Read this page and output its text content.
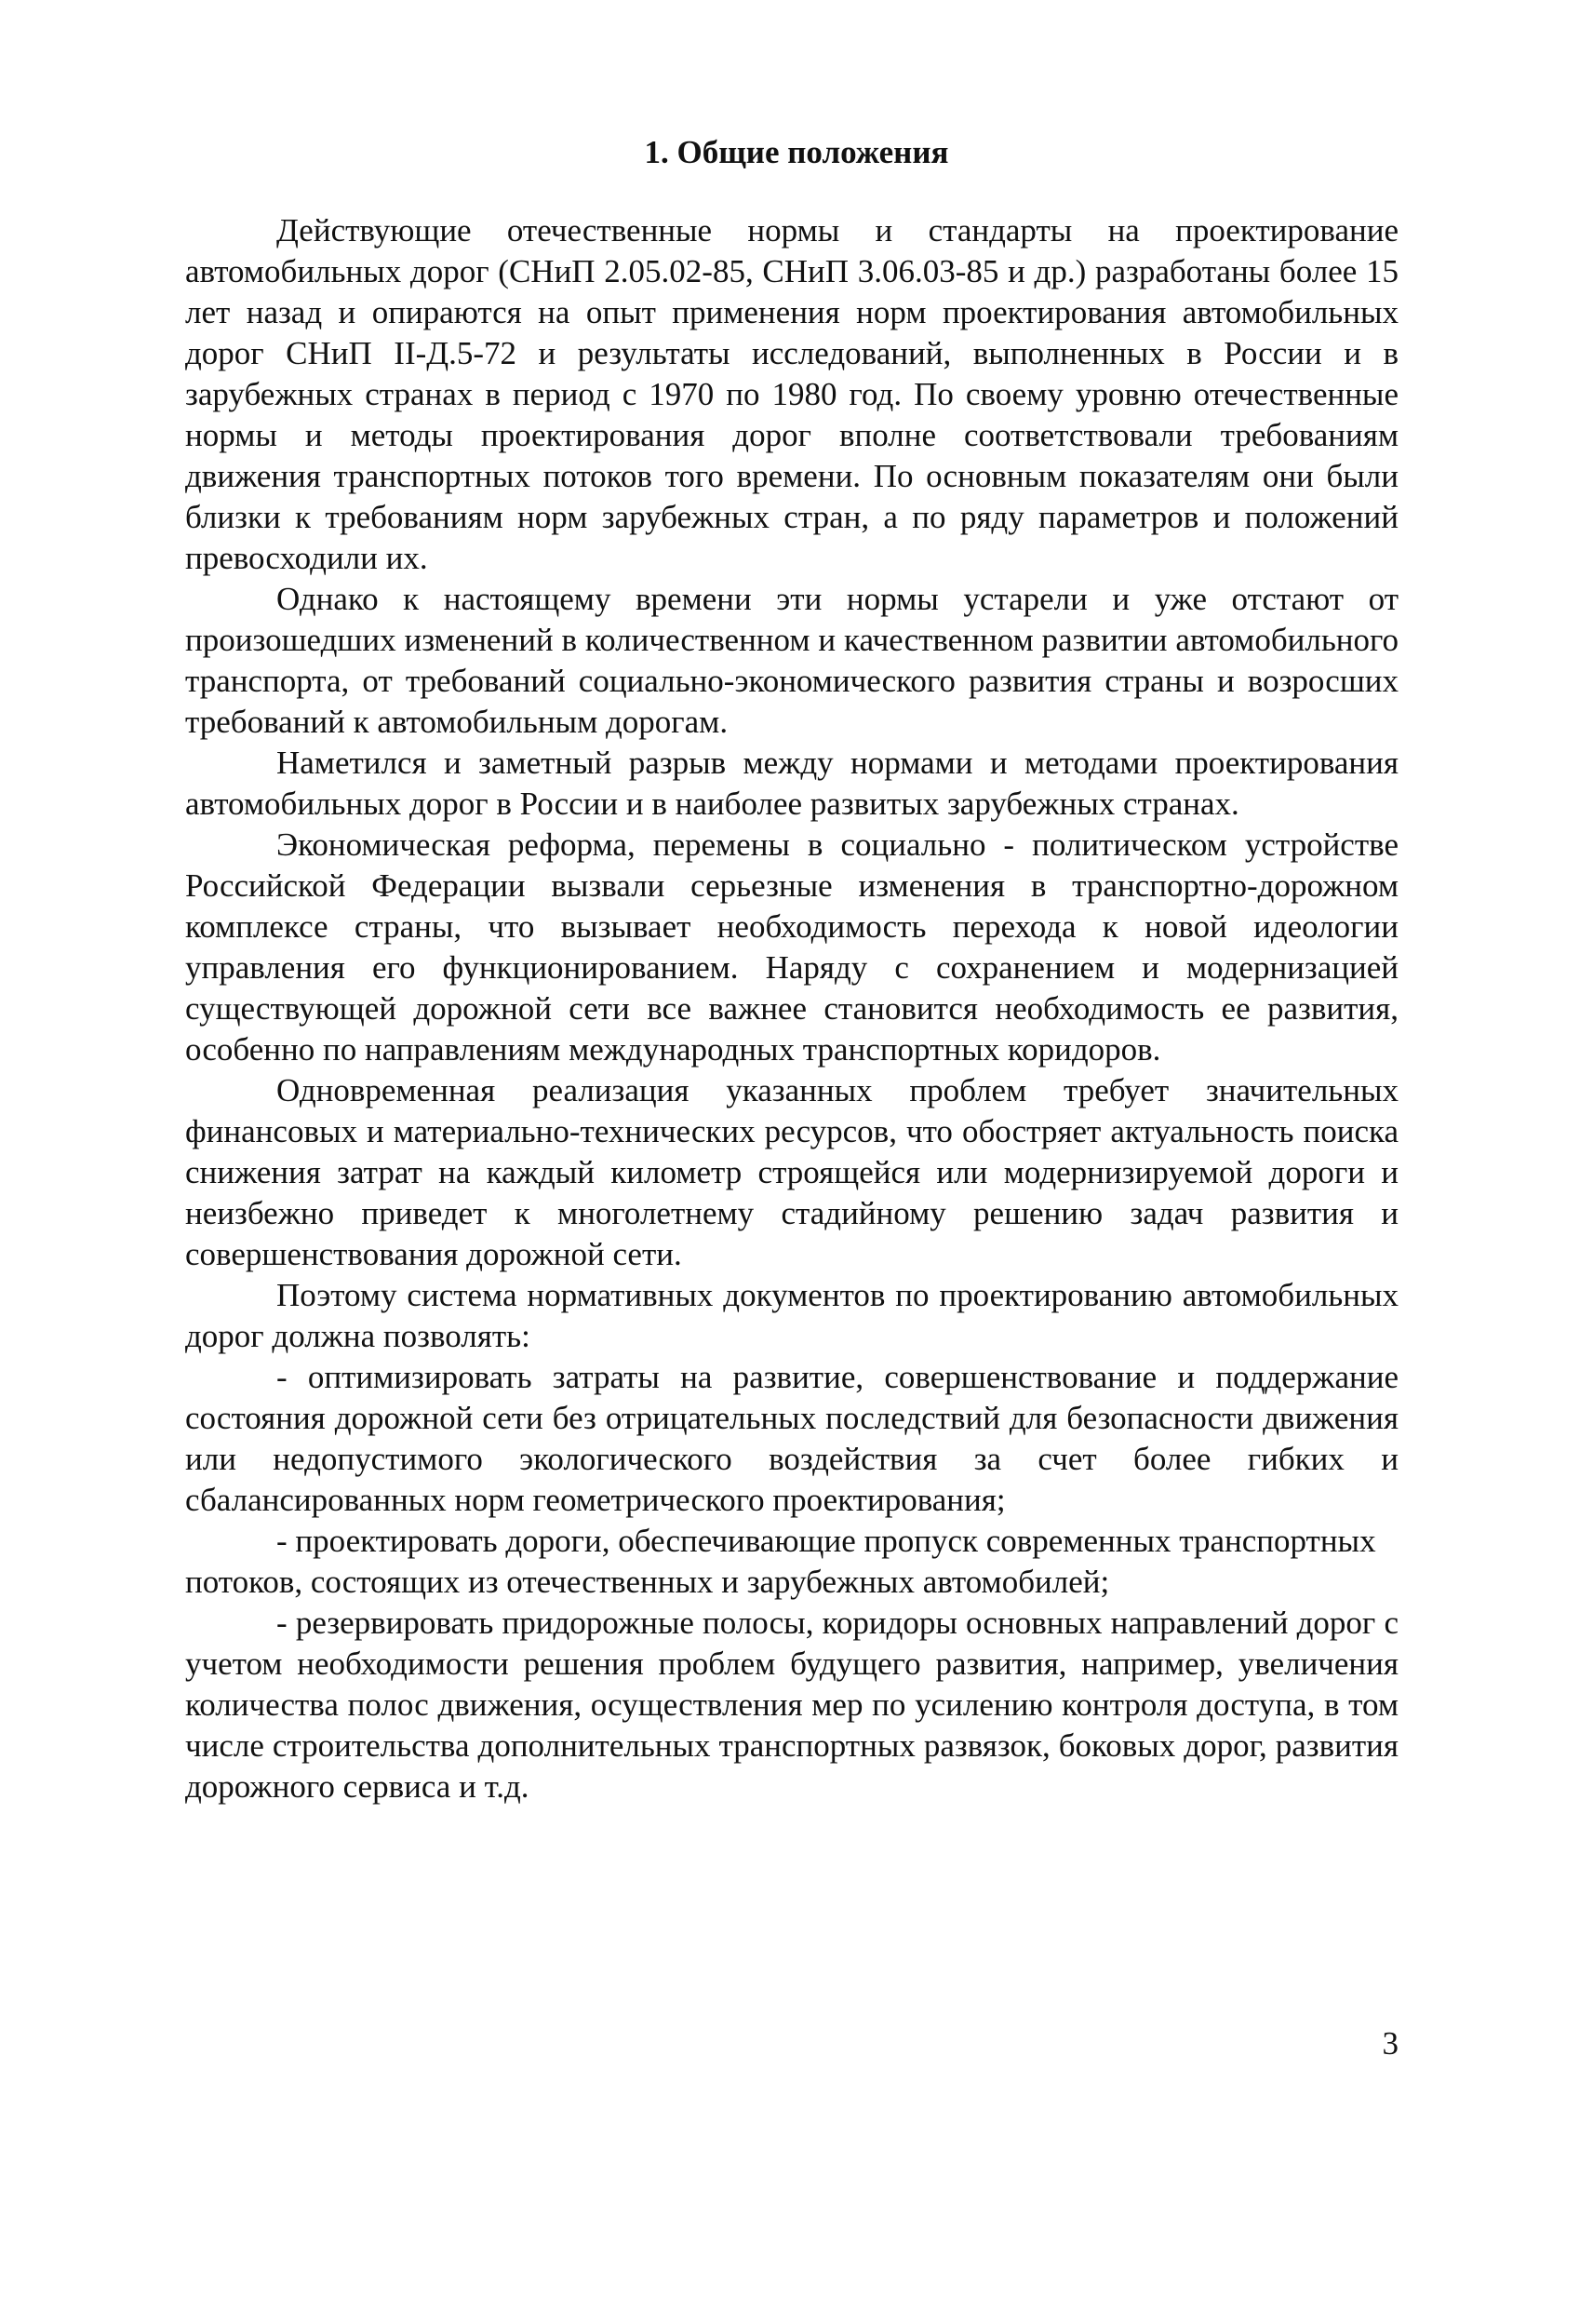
1. Общие положения

Действующие отечественные нормы и стандарты на проектирование автомобильных дорог (СНиП 2.05.02-85, СНиП 3.06.03-85 и др.) разработаны более 15 лет назад и опираются на опыт применения норм проектирования автомобильных дорог СНиП II-Д.5-72 и результаты исследований, выполненных в России и в зарубежных странах в период с 1970 по 1980 год. По своему уровню отечественные нормы и методы проектирования дорог вполне соответствовали требованиям движения транспортных потоков того времени. По основным показателям они были близки к требованиям норм зарубежных стран, а по ряду параметров и положений превосходили их.

Однако к настоящему времени эти нормы устарели и уже отстают от произошедших изменений в количественном и качественном развитии автомобильного транспорта, от требований социально-экономического развития страны и возросших требований к автомобильным дорогам.

Наметился и заметный разрыв между нормами и методами проектирования автомобильных дорог в России и в наиболее развитых зарубежных странах.

Экономическая реформа, перемены в социально - политическом устройстве Российской Федерации вызвали серьезные изменения в транспортно-дорожном комплексе страны, что вызывает необходимость перехода к новой идеологии управления его функционированием. Наряду с сохранением и модернизацией существующей дорожной сети все важнее становится необходимость ее развития, особенно по направлениям международных транспортных коридоров.

Одновременная реализация указанных проблем требует значительных финансовых и материально-технических ресурсов, что обостряет актуальность поиска снижения затрат на каждый километр строящейся или модернизируемой дороги и неизбежно приведет к многолетнему стадийному решению задач развития и совершенствования дорожной сети.

Поэтому система нормативных документов по проектированию автомобильных дорог должна позволять:

- оптимизировать затраты на развитие, совершенствование и поддержание состояния дорожной сети без отрицательных последствий для безопасности движения или недопустимого экологического воздействия за счет более гибких и сбалансированных норм геометрического проектирования;

- проектировать дороги, обеспечивающие пропуск современных транспортных потоков, состоящих из отечественных и зарубежных автомобилей;

- резервировать придорожные полосы, коридоры основных направлений дорог с учетом необходимости решения проблем будущего развития, например, увеличения количества полос движения, осуществления мер по усилению контроля доступа, в том числе строительства дополнительных транспортных развязок, боковых дорог, развития дорожного сервиса и т.д.

3
